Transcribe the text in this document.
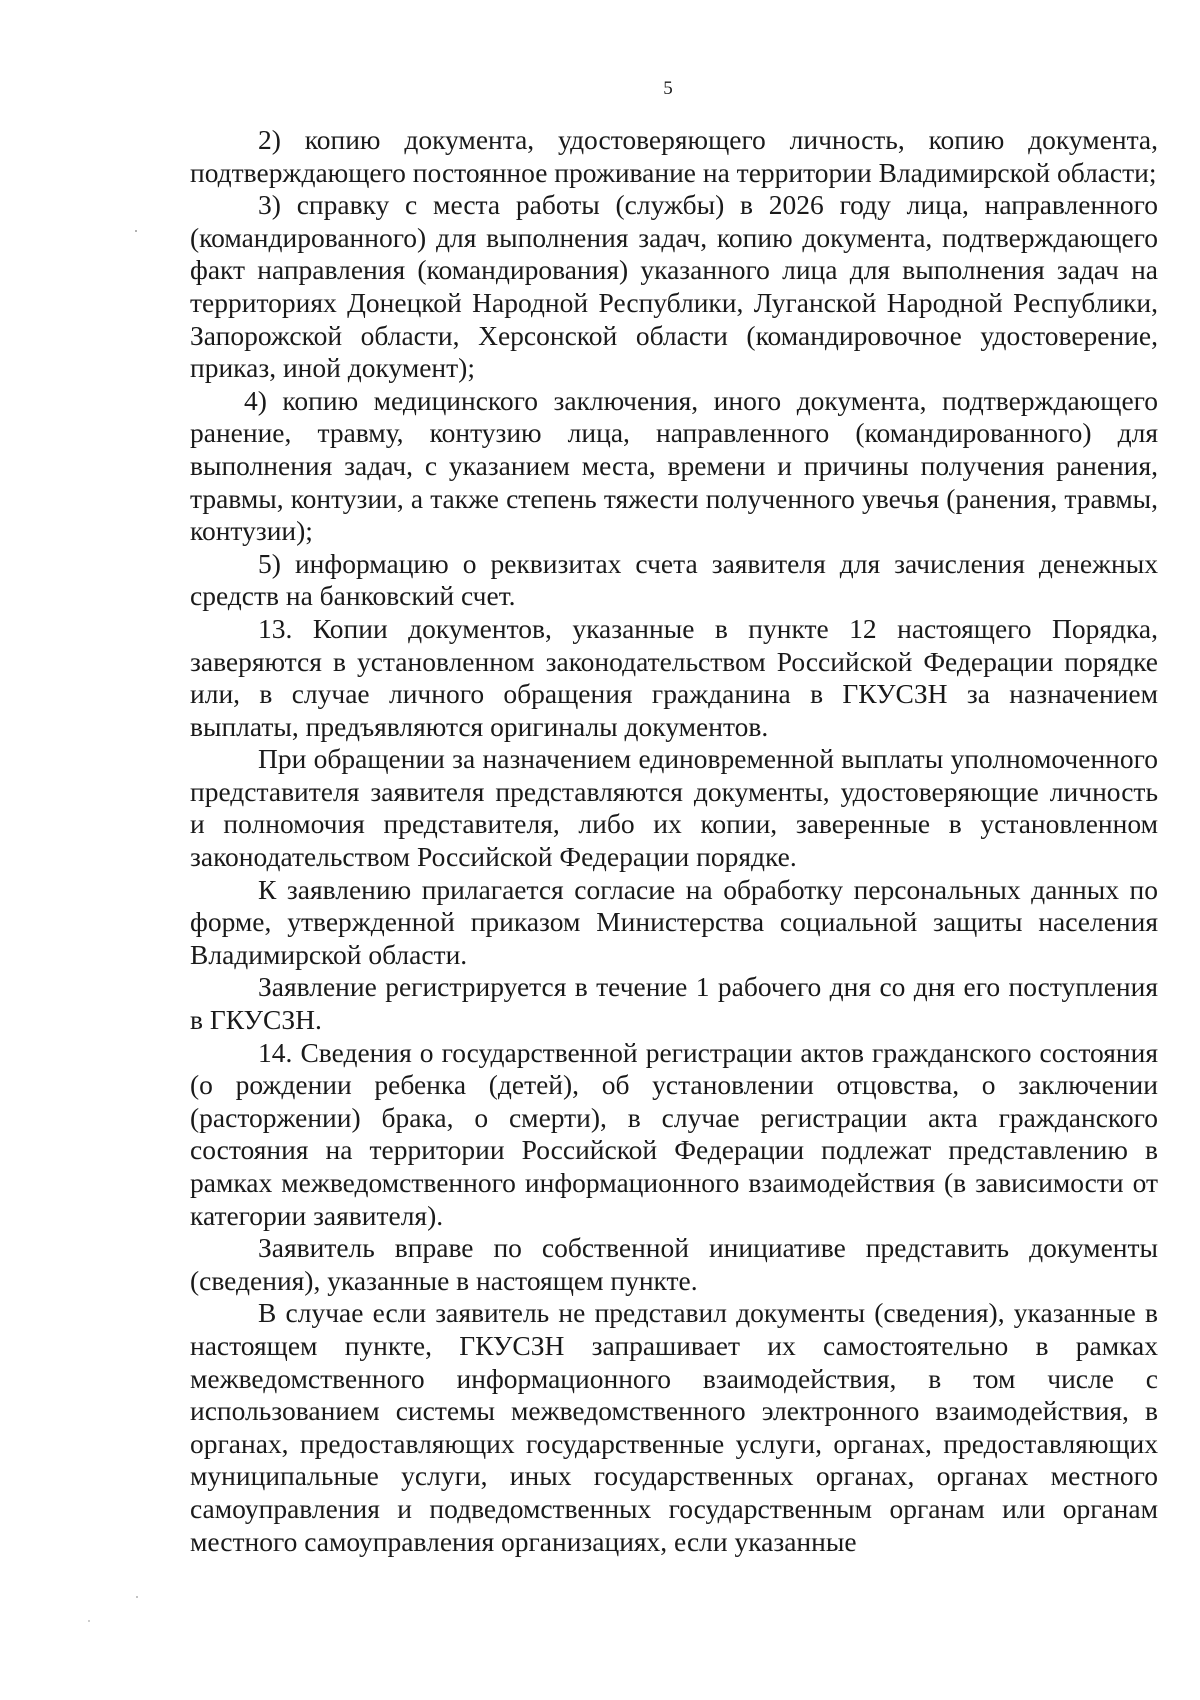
5

2) копию документа, удостоверяющего личность, копию документа, подтверждающего постоянное проживание на территории Владимирской области;

3) справку с места работы (службы) в 2026 году лица, направленного (командированного) для выполнения задач, копию документа, подтверждающего факт направления (командирования) указанного лица для выполнения задач на территориях Донецкой Народной Республики, Луганской Народной Республики, Запорожской области, Херсонской области (командировочное удостоверение, приказ, иной документ);

4) копию медицинского заключения, иного документа, подтверждающего ранение, травму, контузию лица, направленного (командированного) для выполнения задач, с указанием места, времени и причины получения ранения, травмы, контузии, а также степень тяжести полученного увечья (ранения, травмы, контузии);

5) информацию о реквизитах счета заявителя для зачисления денежных средств на банковский счет.

13. Копии документов, указанные в пункте 12 настоящего Порядка, заверяются в установленном законодательством Российской Федерации порядке или, в случае личного обращения гражданина в ГКУСЗН за назначением выплаты, предъявляются оригиналы документов.

При обращении за назначением единовременной выплаты уполномоченного представителя заявителя представляются документы, удостоверяющие личность и полномочия представителя, либо их копии, заверенные в установленном законодательством Российской Федерации порядке.

К заявлению прилагается согласие на обработку персональных данных по форме, утвержденной приказом Министерства социальной защиты населения Владимирской области.

Заявление регистрируется в течение 1 рабочего дня со дня его поступления в ГКУСЗН.

14. Сведения о государственной регистрации актов гражданского состояния (о рождении ребенка (детей), об установлении отцовства, о заключении (расторжении) брака, о смерти), в случае регистрации акта гражданского состояния на территории Российской Федерации подлежат представлению в рамках межведомственного информационного взаимодействия (в зависимости от категории заявителя).

Заявитель вправе по собственной инициативе представить документы (сведения), указанные в настоящем пункте.

В случае если заявитель не представил документы (сведения), указанные в настоящем пункте, ГКУСЗН запрашивает их самостоятельно в рамках межведомственного информационного взаимодействия, в том числе с использованием системы межведомственного электронного взаимодействия, в органах, предоставляющих государственные услуги, органах, предоставляющих муниципальные услуги, иных государственных органах, органах местного самоуправления и подведомственных государственным органам или органам местного самоуправления организациях, если указанные
